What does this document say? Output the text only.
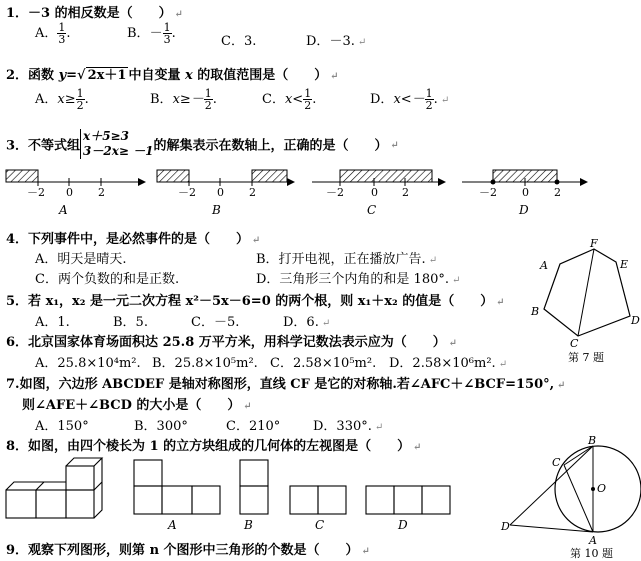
1．－3 的相反数是（　　） ↵
A． $\frac{1}{3}$ .	B．－ $\frac{1}{3}$ .
C．3.	D．－3. ↵
2．函数 y=√ 2x＋1 中自变量 x 的取值范围是（　　） ↵
A．$x\ge \frac{1}{2}$ .	B．$x\ge- \frac{1}{2}$ .	C．$x< \frac{1}{2}$ .	D．$x<- \frac{1}{2}$ . ↵
3．不等式组
x＋5≥3
3－2x≥ －1 的解集表示在数轴上，正确的是（　　） ↵
－2 0 2
A
－2 0 2
B
－2 0 2
C
－2 0 2
D
4．下列事件中，是必然事件的是（　　） ↵
A．明天是晴天.	B．打开电视，正在播放广告. ↵
C．两个负数的和是正数.	D．三角形三个内角的和是 180°. ↵
5．若 x₁，x₂ 是一元二次方程 x²－5x－6=0 的两个根，则 x₁＋x₂ 的值是（　　） ↵
A．1.	B．5.	C．－5.	D．6. ↵
6．北京国家体育场面积达 25.8 万平方米，用科学记数法表示应为（　　） ↵
A．25.8×10⁴m². B．25.8×10⁵m². C．2.58×10⁵m². D．2.58×10⁶m². ↵
7.如图，六边形 ABCDEF 是轴对称图形，直线 CF 是它的对称轴.若∠AFC＋∠BCF=150°, ↵
则∠AFE＋∠BCD 的大小是（　　） ↵
A．150°	B．300°	C．210°	D．330°. ↵
F
A
B
C
D
E
第 7 题
8．如图，由四个棱长为 1 的立方块组成的几何体的左视图是（　　） ↵
A	B	C	D
9．观察下列图形，则第 n 个图形中三角形的个数是（　　） ↵
B
C
O
D
A
第 10 题
